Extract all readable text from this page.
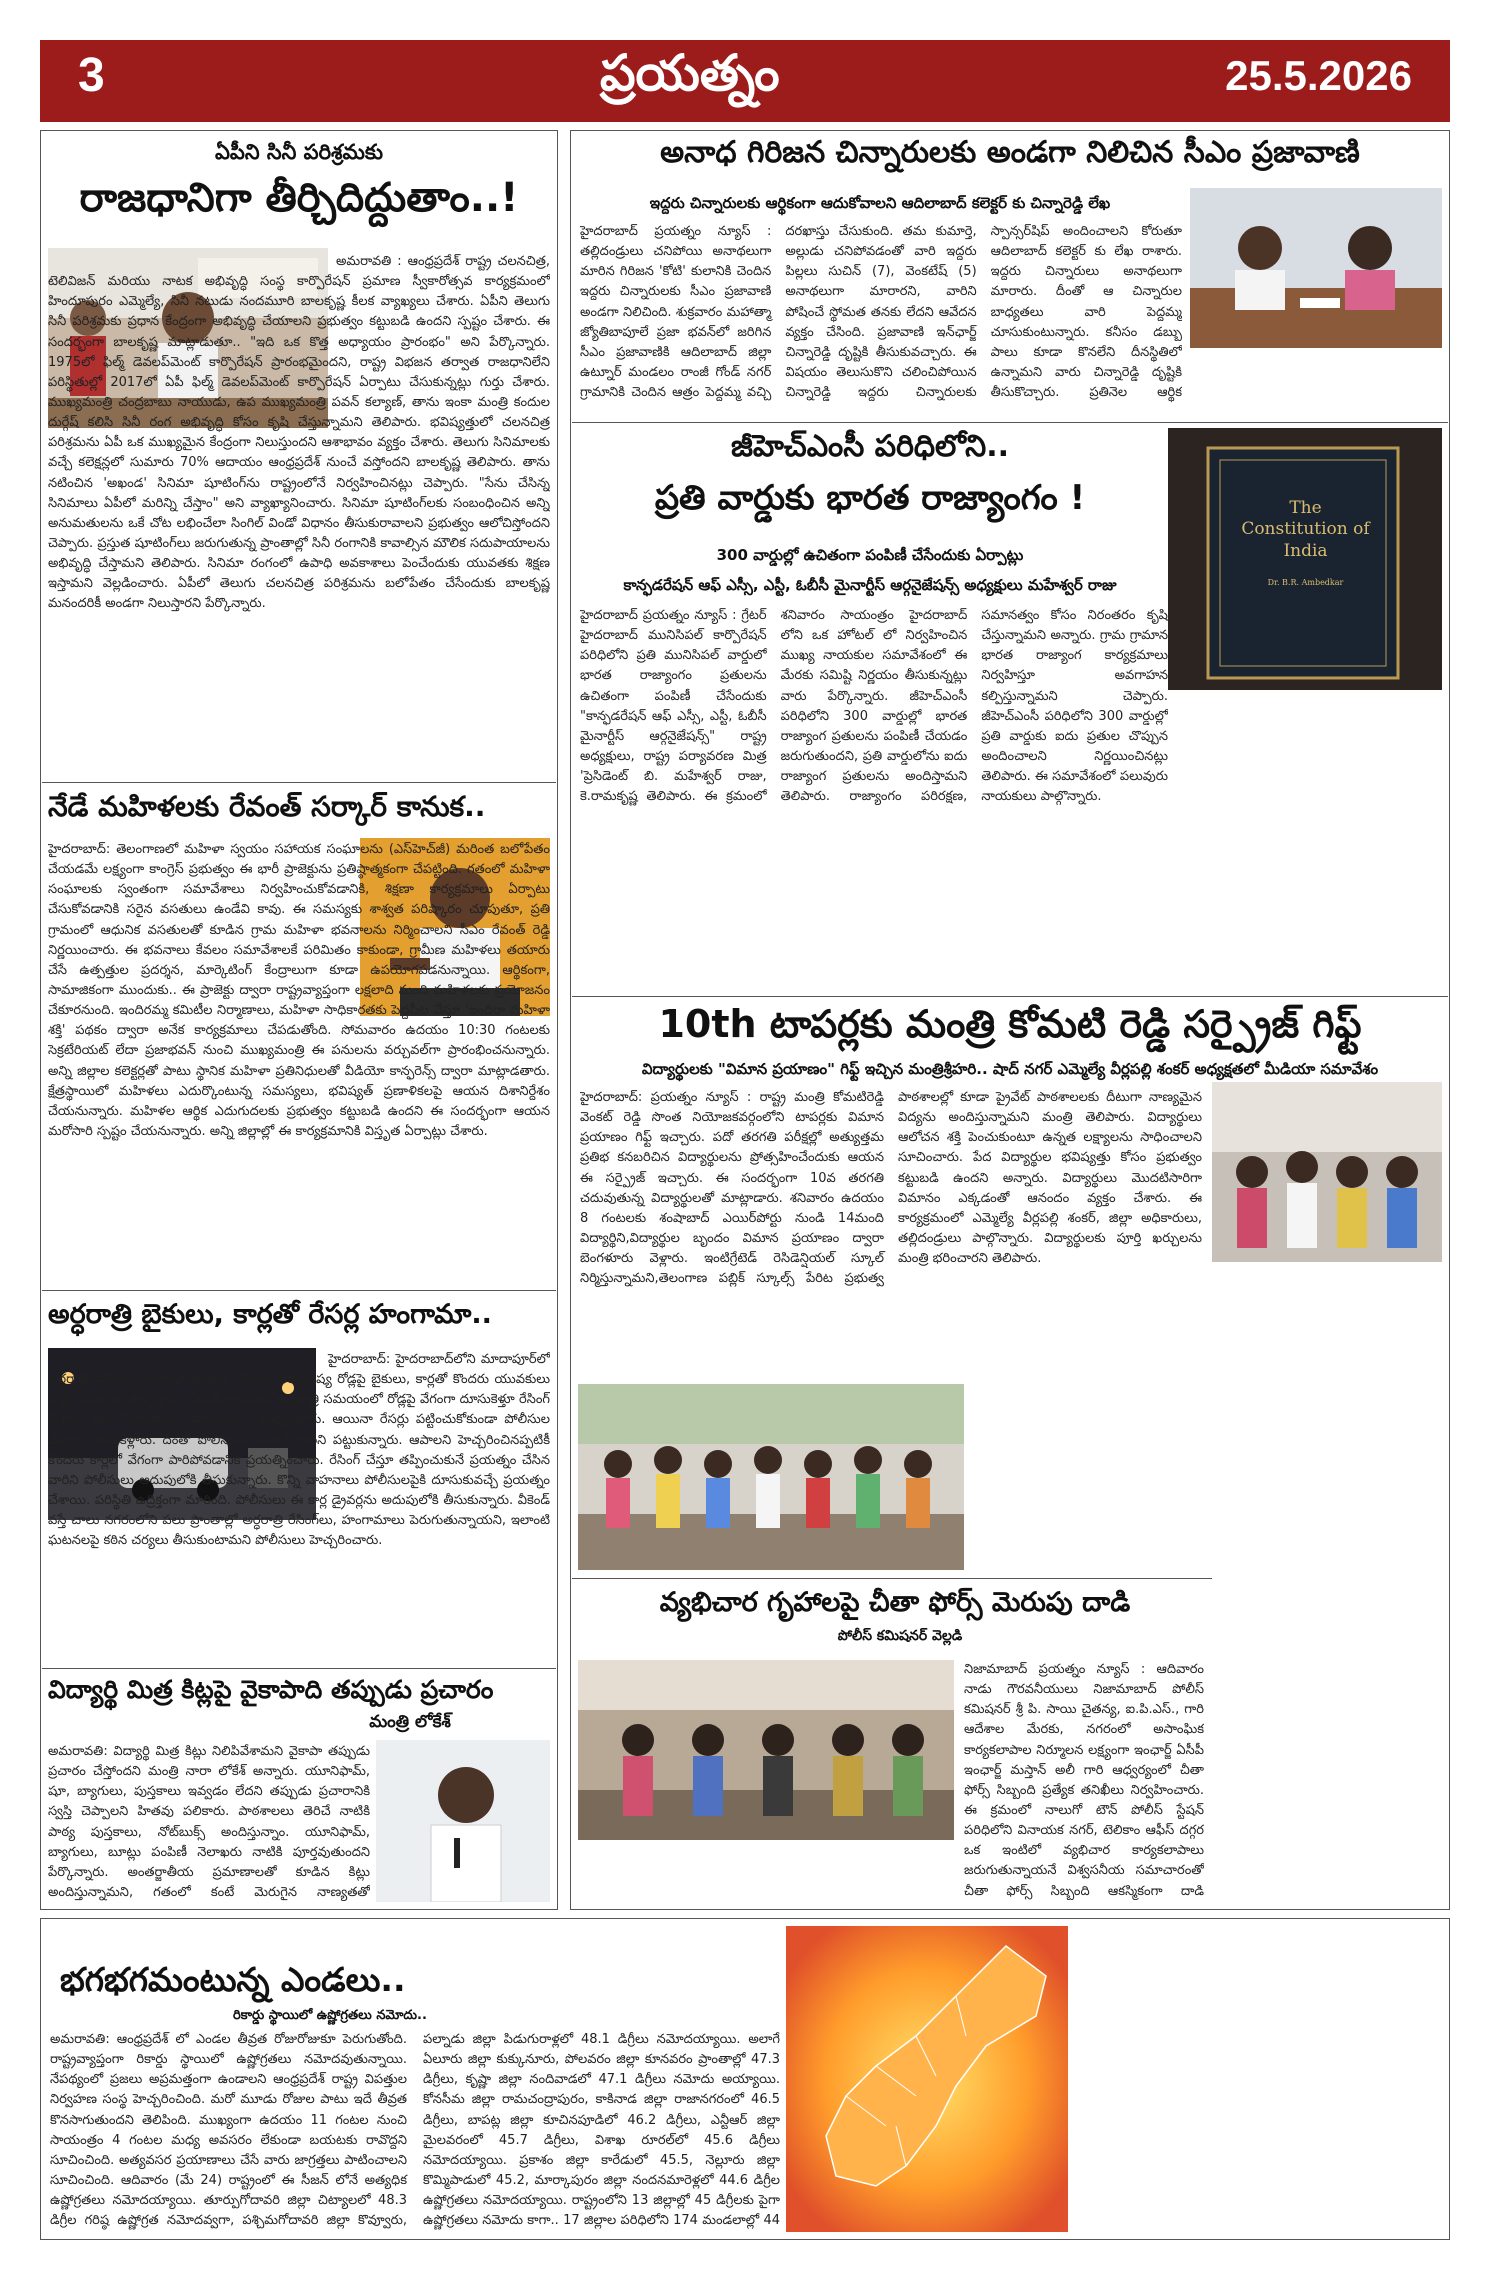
3	ప్రయత్నం	25.5.2026
ఏపీని సినీ పరిశ్రమకు
రాజధానిగా తీర్చిదిద్దుతాం..!
అమరావతి : ఆంధ్రప్రదేశ్ రాష్ట్ర చలనచిత్ర, టెలివిజన్ మరియు నాటక అభివృద్ధి సంస్థ కార్పొరేషన్ ప్రమాణ స్వీకారోత్సవ కార్యక్రమంలో హిందూపురం ఎమ్మెల్యే, సినీ నటుడు నందమూరి బాలకృష్ణ కీలక వ్యాఖ్యలు చేశారు. ఏపీని తెలుగు సినీ పరిశ్రమకు ప్రధాన కేంద్రంగా అభివృద్ధి చేయాలని ప్రభుత్వం కట్టుబడి ఉందని స్పష్టం చేశారు. ఈ సందర్భంగా బాలకృష్ణ మాట్లాడుతూ.. "ఇది ఒక కొత్త అధ్యాయం ప్రారంభం" అని పేర్కొన్నారు. 1975లో ఫిల్మ్ డెవలప్‌మెంట్ కార్పొరేషన్ ప్రారంభమైందని, రాష్ట్ర విభజన తర్వాత రాజధానిలేని పరిస్థితుల్లో 2017లో ఏపీ ఫిల్మ్ డెవలప్‌మెంట్ కార్పొరేషన్ ఏర్పాటు చేసుకున్నట్లు గుర్తు చేశారు. ముఖ్యమంత్రి చంద్రబాబు నాయుడు, ఉప ముఖ్యమంత్రి పవన్ కల్యాణ్, తాను ఇంకా మంత్రి కందుల దుర్గేష్ కలిసి సినీ రంగ అభివృద్ధి కోసం కృషి చేస్తున్నామని తెలిపారు. భవిష్యత్తులో చలనచిత్ర పరిశ్రమను ఏపీ ఒక ముఖ్యమైన కేంద్రంగా నిలుస్తుందని ఆశాభావం వ్యక్తం చేశారు. తెలుగు సినిమాలకు వచ్చే కలెక్షన్లలో సుమారు 70% ఆదాయం ఆంధ్రప్రదేశ్ నుంచే వస్తోందని బాలకృష్ణ తెలిపారు. తాను నటించిన 'అఖండ' సినిమా షూటింగ్‌ను రాష్ట్రంలోనే నిర్వహించినట్లు చెప్పారు. "సేను చేసిన్న సినిమాలు ఏపీలో మరిన్ని చేస్తాం" అని వ్యాఖ్యానించారు. సినిమా షూటింగ్‌లకు సంబంధించిన అన్ని అనుమతులను ఒకే చోట లభించేలా సింగిల్ విండో విధానం తీసుకురావాలని ప్రభుత్వం ఆలోచిస్తోందని చెప్పారు. ప్రస్తుత షూటింగ్‌లు జరుగుతున్న ప్రాంతాల్లో సినీ రంగానికి కావాల్సిన మౌలిక సదుపాయాలను అభివృద్ధి చేస్తామని తెలిపారు. సినిమా రంగంలో ఉపాధి అవకాశాలు పెంచేందుకు యువతకు శిక్షణ ఇస్తామని వెల్లడించారు. ఏపీలో తెలుగు చలనచిత్ర పరిశ్రమను బలోపేతం చేసేందుకు బాలకృష్ణ మనందరికీ అండగా నిలుస్తారని పేర్కొన్నారు.
నేడే మహిళలకు రేవంత్ సర్కార్ కానుక..
హైదరాబాద్: తెలంగాణలో మహిళా స్వయం సహాయక సంఘాలను (ఎస్‌హెచ్‌జీ) మరింత బలోపేతం చేయడమే లక్ష్యంగా కాంగ్రెస్ ప్రభుత్వం ఈ భారీ ప్రాజెక్టును ప్రతిష్ఠాత్మకంగా చేపట్టింది. గతంలో మహిళా సంఘాలకు స్వంతంగా సమావేశాలు నిర్వహించుకోవడానికి, శిక్షణా కార్యక్రమాలు ఏర్పాటు చేసుకోవడానికి సరైన వసతులు ఉండేవి కావు. ఈ సమస్యకు శాశ్వత పరిష్కారం చూపుతూ, ప్రతి గ్రామంలో ఆధునిక వసతులతో కూడిన గ్రామ మహిళా భవనాలను నిర్మించాలని సీఎం రేవంత్ రెడ్డి నిర్ణయించారు. ఈ భవనాలు కేవలం సమావేశాలకే పరిమితం కాకుండా, గ్రామీణ మహిళలు తయారు చేసే ఉత్పత్తుల ప్రదర్శన, మార్కెటింగ్ కేంద్రాలుగా కూడా ఉపయోగపడనున్నాయి. ఆర్థికంగా, సామాజికంగా ముందుకు.. ఈ ప్రాజెక్టు ద్వారా రాష్ట్రవ్యాప్తంగా లక్షలాది మంది మహిళలకు ప్రయోజనం చేకూరనుంది. ఇందిరమ్మ కమిటీల నిర్మాణాలు, మహిళా సాధికారతకు పెద్దపీట వేస్తూ 'ఇందిరా మహిళా శక్తి' పథకం ద్వారా అనేక కార్యక్రమాలు చేపడుతోంది. సోమవారం ఉదయం 10:30 గంటలకు సెక్రటేరియట్ లేదా ప్రజాభవన్ నుంచి ముఖ్యమంత్రి ఈ పనులను వర్చువల్‌గా ప్రారంభించనున్నారు. అన్ని జిల్లాల కలెక్టర్లతో పాటు స్థానిక మహిళా ప్రతినిధులతో వీడియో కాన్ఫరెన్స్ ద్వారా మాట్లాడతారు. క్షేత్రస్థాయిలో మహిళలు ఎదుర్కొంటున్న సమస్యలు, భవిష్యత్ ప్రణాళికలపై ఆయన దిశానిర్దేశం చేయనున్నారు. మహిళల ఆర్థిక ఎదుగుదలకు ప్రభుత్వం కట్టుబడి ఉందని ఈ సందర్భంగా ఆయన మరోసారి స్పష్టం చేయనున్నారు. అన్ని జిల్లాల్లో ఈ కార్యక్రమానికి విస్తృత ఏర్పాట్లు చేశారు.
అర్ధరాత్రి బైకులు, కార్లతో రేసర్ల హంగామా..
హైదరాబాద్: హైదరాబాద్‌లోని మాదాపూర్‌లో అర్ధరాత్రి పోకిరీల హంగామా కలకలం రేపింది. నిర్మానుష్య రోడ్లపై బైకులు, కార్లతో కొందరు యువకులు రోడ్లపై రేసింగ్‌కు పాల్పడ్డారు. వీకెండ్ కావడంతో అర్ధరాత్రి సమయంలో రోడ్లపై వేగంగా దూసుకెళ్తూ రేసింగ్ చేశారు. వారి విన్యాసాలకు పోలీసులు ప్రయత్నించారు. ఆయినా రేసర్లు పట్టించుకోకుండా పోలీసుల వైపుగా దూసుకెళ్లారు. దీంతో పోలీసులు వెంటనే వారిని పట్టుకున్నారు. ఆపాలని హెచ్చరించినప్పటికీ కొందరు కార్లలో వేగంగా పారిపోవడానికి ప్రయత్నించారు. రేసింగ్ చేస్తూ తప్పించుకునే ప్రయత్నం చేసిన వారిని పోలీసులు అదుపులోకి తీసుకున్నారు. కొన్ని వాహనాలు పోలీసులపైకి దూసుకువచ్చే ప్రయత్నం చేశాయి. పరిస్థితి ఉద్రిక్తంగా మారింది. పోలీసులు ఈ కార్ల డ్రైవర్లను అదుపులోకి తీసుకున్నారు. వీకెండ్ వస్తే చాలు నగరంలోని పలు ప్రాంతాల్లో అర్ధరాత్రి రేసింగ్‌లు, హంగామాలు పెరుగుతున్నాయని, ఇలాంటి ఘటనలపై కఠిన చర్యలు తీసుకుంటామని పోలీసులు హెచ్చరించారు.
విద్యార్థి మిత్ర కిట్లపై వైకాపాది తప్పుడు ప్రచారం
మంత్రి లోకేశ్
అమరావతి: విద్యార్థి మిత్ర కిట్లు నిలిపివేశామని వైకాపా తప్పుడు ప్రచారం చేస్తోందని మంత్రి నారా లోకేశ్ అన్నారు. యూనిఫామ్, షూ, బ్యాగులు, పుస్తకాలు ఇవ్వడం లేదని తప్పుడు ప్రచారానికి స్వస్తి చెప్పాలని హితవు పలికారు. పాఠశాలలు తెరిచే నాటికి పాఠ్య పుస్తకాలు, నోట్‌బుక్స్ అందిస్తున్నాం. యూనిఫామ్, బ్యాగులు, బూట్లు పంపిణీ నెలాఖరు నాటికి పూర్తవుతుందని పేర్కొన్నారు. అంతర్జాతీయ ప్రమాణాలతో కూడిన కిట్లు అందిస్తున్నామని, గతంలో కంటే మెరుగైన నాణ్యతతో
అనాధ గిరిజన చిన్నారులకు అండగా నిలిచిన సీఎం ప్రజావాణి
ఇద్దరు చిన్నారులకు ఆర్థికంగా ఆదుకోవాలని ఆదిలాబాద్ కలెక్టర్ కు చిన్నారెడ్డి లేఖ
హైదరాబాద్ ప్రయత్నం న్యూస్ : తల్లిదండ్రులు చనిపోయి అనాథలుగా మారిన గిరిజన 'కోటి' కులానికి చెందిన ఇద్దరు చిన్నారులకు సీఎం ప్రజావాణి అండగా నిలిచింది. శుక్రవారం మహాత్మా జ్యోతిబాపూలే ప్రజా భవన్‌లో జరిగిన సీఎం ప్రజావాణికి ఆదిలాబాద్ జిల్లా ఉట్నూర్ మండలం రాంజీ గోండ్ నగర్ గ్రామానికి చెందిన ఆత్రం పెద్దమ్మ వచ్చి దరఖాస్తు చేసుకుంది. తమ కుమార్తె, అల్లుడు చనిపోవడంతో వారి ఇద్దరు పిల్లలు సుచిన్ (7), వెంకటేష్ (5) అనాథలుగా మారారని, వారిని పోషించే స్థోమత తనకు లేదని ఆవేదన వ్యక్తం చేసింది. ప్రజావాణి ఇన్‌ఛార్జ్ చిన్నారెడ్డి దృష్టికి తీసుకువచ్చారు. ఈ విషయం తెలుసుకొని చలించిపోయిన చిన్నారెడ్డి ఇద్దరు చిన్నారులకు స్పాన్సర్‌షిప్ అందించాలని కోరుతూ ఆదిలాబాద్ కలెక్టర్ కు లేఖ రాశారు. ఇద్దరు చిన్నారులు అనాథలుగా మారారు. దీంతో ఆ చిన్నారుల బాధ్యతలు వారి పెద్దమ్మ చూసుకుంటున్నారు. కనీసం డబ్బు పాలు కూడా కొనలేని దీనస్థితిలో ఉన్నామని వారు చిన్నారెడ్డి దృష్టికి తీసుకొచ్చారు. ప్రతినెల ఆర్థిక
జీహెచ్ఎంసీ పరిధిలోని..
ప్రతి వార్డుకు భారత రాజ్యాంగం !
300 వార్డుల్లో ఉచితంగా పంపిణీ చేసేందుకు ఏర్పాట్లు
కాన్ఫడరేషన్ ఆఫ్ ఎస్సీ, ఎస్టీ, ఓబీసీ మైనార్టీస్ ఆర్గనైజేషన్స్ అధ్యక్షులు మహేశ్వర్ రాజు
The Constitution of India
Dr. B.R. Ambedkar
హైదరాబాద్ ప్రయత్నం న్యూస్ : గ్రేటర్ హైదరాబాద్ మునిసిపల్ కార్పొరేషన్ పరిధిలోని ప్రతి మునిసిపల్ వార్డులో భారత రాజ్యాంగం ప్రతులను ఉచితంగా పంపిణీ చేసేందుకు "కాన్ఫడరేషన్ ఆఫ్ ఎస్సీ, ఎస్టీ, ఓబీసీ మైనార్టీస్ ఆర్గనైజేషన్స్" రాష్ట్ర అధ్యక్షులు, రాష్ట్ర పర్యావరణ మిత్ర 'ప్రెసిడెంట్ బి. మహేశ్వర్ రాజు, కె.రామకృష్ణ తెలిపారు. ఈ క్రమంలో శనివారం సాయంత్రం హైదరాబాద్ లోని ఒక హోటల్ లో నిర్వహించిన ముఖ్య నాయకుల సమావేశంలో ఈ మేరకు సమిష్టి నిర్ణయం తీసుకున్నట్లు వారు పేర్కొన్నారు. జీహెచ్ఎంసీ పరిధిలోని 300 వార్డుల్లో భారత రాజ్యాంగ ప్రతులను పంపిణీ చేయడం జరుగుతుందని, ప్రతి వార్డులోను ఐదు రాజ్యాంగ ప్రతులను అందిస్తామని తెలిపారు. రాజ్యాంగం పరిరక్షణ, సమానత్వం కోసం నిరంతరం కృషి చేస్తున్నామని అన్నారు. గ్రామ గ్రామాన భారత రాజ్యాంగ కార్యక్రమాలు నిర్వహిస్తూ అవగాహన కల్పిస్తున్నామని చెప్పారు. జీహెచ్ఎంసీ పరిధిలోని 300 వార్డుల్లో ప్రతి వార్డుకు ఐదు ప్రతుల చొప్పున అందించాలని నిర్ణయించినట్లు తెలిపారు. ఈ సమావేశంలో పలువురు నాయకులు పాల్గొన్నారు.
10th టాపర్లకు మంత్రి కోమటి రెడ్డి సర్ప్రైజ్ గిఫ్ట్
విద్యార్థులకు "విమాన ప్రయాణం" గిఫ్ట్ ఇచ్చిన మంత్రిశ్రీహరి.. షాద్ నగర్ ఎమ్మెల్యే వీర్లపల్లి శంకర్ అధ్యక్షతలో మీడియా సమావేశం
హైదరాబాద్: ప్రయత్నం న్యూస్ : రాష్ట్ర మంత్రి కోమటిరెడ్డి వెంకట్ రెడ్డి సొంత నియోజకవర్గంలోని టాపర్లకు విమాన ప్రయాణం గిఫ్ట్ ఇచ్చారు. పదో తరగతి పరీక్షల్లో అత్యుత్తమ ప్రతిభ కనబరిచిన విద్యార్థులను ప్రోత్సహించేందుకు ఆయన ఈ సర్ప్రైజ్ ఇచ్చారు. ఈ సందర్భంగా 10వ తరగతి చదువుతున్న విద్యార్థులతో మాట్లాడారు. శనివారం ఉదయం 8 గంటలకు శంషాబాద్ ఎయిర్‌పోర్టు నుండి 14మంది విద్యార్థిని,విద్యార్థుల బృందం విమాన ప్రయాణం ద్వారా బెంగళూరు వెళ్లారు. ఇంటిగ్రేటెడ్ రెసిడెన్షియల్ స్కూల్ నిర్మిస్తున్నామని,తెలంగాణ పబ్లిక్ స్కూల్స్ పేరిట ప్రభుత్వ పాఠశాలల్లో కూడా ప్రైవేట్ పాఠశాలలకు దీటుగా నాణ్యమైన విద్యను అందిస్తున్నామని మంత్రి తెలిపారు. విద్యార్థులు ఆలోచన శక్తి పెంచుకుంటూ ఉన్నత లక్ష్యాలను సాధించాలని సూచించారు. పేద విద్యార్థుల భవిష్యత్తు కోసం ప్రభుత్వం కట్టుబడి ఉందని అన్నారు. విద్యార్థులు మొదటిసారిగా విమానం ఎక్కడంతో ఆనందం వ్యక్తం చేశారు. ఈ కార్యక్రమంలో ఎమ్మెల్యే వీర్లపల్లి శంకర్, జిల్లా అధికారులు, తల్లిదండ్రులు పాల్గొన్నారు. విద్యార్థులకు పూర్తి ఖర్చులను మంత్రి భరించారని తెలిపారు.
వ్యభిచార గృహాలపై చీతా ఫోర్స్ మెరుపు దాడి
పోలీస్ కమిషనర్ వెల్లడి
నిజామాబాద్ ప్రయత్నం న్యూస్ : ఆదివారం నాడు గౌరవనీయులు నిజామాబాద్ పోలీస్ కమిషనర్ శ్రీ పి. సాయి చైతన్య, ఐ.పి.ఎస్., గారి ఆదేశాల మేరకు, నగరంలో అసాంఘిక కార్యకలాపాల నిర్మూలన లక్ష్యంగా ఇంఛార్జ్ ఏసీపీ ఇంఛార్జ్ మస్తాన్ అలీ గారి ఆధ్వర్యంలో చీతా ఫోర్స్ సిబ్బంది ప్రత్యేక తనిఖీలు నిర్వహించారు. ఈ క్రమంలో నాలుగో టౌన్ పోలీస్ స్టేషన్ పరిధిలోని వినాయక నగర్, టెలికాం ఆఫీస్ దగ్గర ఒక ఇంటిలో వ్యభిచార కార్యకలాపాలు జరుగుతున్నాయనే విశ్వసనీయ సమాచారంతో చీతా ఫోర్స్ సిబ్బంది ఆకస్మికంగా దాడి
భగభగమంటున్న ఎండలు..
రికార్డు స్థాయిలో ఉష్ణోగ్రతలు నమోదు..
అమరావతి: ఆంధ్రప్రదేశ్ లో ఎండల తీవ్రత రోజురోజుకూ పెరుగుతోంది. రాష్ట్రవ్యాప్తంగా రికార్డు స్థాయిలో ఉష్ణోగ్రతలు నమోదవుతున్నాయి. నేపథ్యంలో ప్రజలు అప్రమత్తంగా ఉండాలని ఆంధ్రప్రదేశ్ రాష్ట్ర విపత్తుల నిర్వహణ సంస్థ హెచ్చరించింది. మరో మూడు రోజుల పాటు ఇదే తీవ్రత కొనసాగుతుందని తెలిపింది. ముఖ్యంగా ఉదయం 11 గంటల నుంచి సాయంత్రం 4 గంటల మధ్య అవసరం లేకుండా బయటకు రావొద్దని సూచించింది. అత్యవసర ప్రయాణాలు చేసే వారు జాగ్రత్తలు పాటించాలని సూచించింది. ఆదివారం (మే 24) రాష్ట్రంలో ఈ సీజన్ లోనే అత్యధిక ఉష్ణోగ్రతలు నమోదయ్యాయి. తూర్పుగోదావరి జిల్లా చిట్యాలలో 48.3 డిగ్రీల గరిష్ఠ ఉష్ణోగ్రత నమోదవ్వగా, పశ్చిమగోదావరి జిల్లా కొవ్వూరు, పల్నాడు జిల్లా పిడుగురాళ్లలో 48.1 డిగ్రీలు నమోదయ్యాయి. అలాగే ఏలూరు జిల్లా కుక్కునూరు, పోలవరం జిల్లా కూనవరం ప్రాంతాల్లో 47.3 డిగ్రీలు, కృష్ణా జిల్లా నందివాడలో 47.1 డిగ్రీలు నమోదు అయ్యాయి. కోనసీమ జిల్లా రామచంద్రాపురం, కాకినాడ జిల్లా రాజానగరంలో 46.5 డిగ్రీలు, బాపట్ల జిల్లా కూచినపూడిలో 46.2 డిగ్రీలు, ఎన్టీఆర్ జిల్లా మైలవరంలో 45.7 డిగ్రీలు, విశాఖ రూరల్‌లో 45.6 డిగ్రీలు నమోదయ్యాయి. ప్రకాశం జిల్లా కారేడులో 45.5, నెల్లూరు జిల్లా కొమ్మిపాడులో 45.2, మార్కాపురం జిల్లా నందనమారెళ్లలో 44.6 డిగ్రీల ఉష్ణోగ్రతలు నమోదయ్యాయి. రాష్ట్రంలోని 13 జిల్లాల్లో 45 డిగ్రీలకు పైగా ఉష్ణోగ్రతలు నమోదు కాగా.. 17 జిల్లాల పరిధిలోని 174 మండలాల్లో 44
